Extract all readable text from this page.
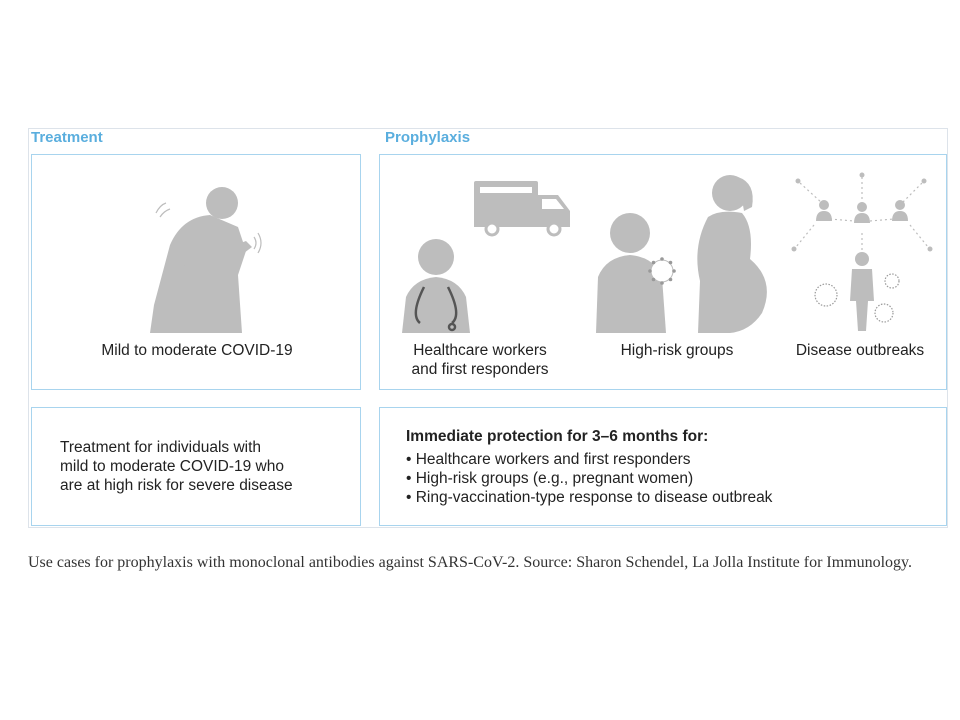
Treatment	Prophylaxis
Mild to moderate COVID-19
Treatment for individuals with
mild to moderate COVID-19 who
are at high risk for severe disease
Healthcare workers
and first responders
High-risk groups	Disease outbreaks
Immediate protection for 3–6 months for:
• Healthcare workers and first responders
• High-risk groups (e.g., pregnant women)
• Ring-vaccination-type response to disease outbreak
Use cases for prophylaxis with monoclonal antibodies against SARS-CoV-2. Source: Sharon Schendel, La Jolla Institute for Immunology.
